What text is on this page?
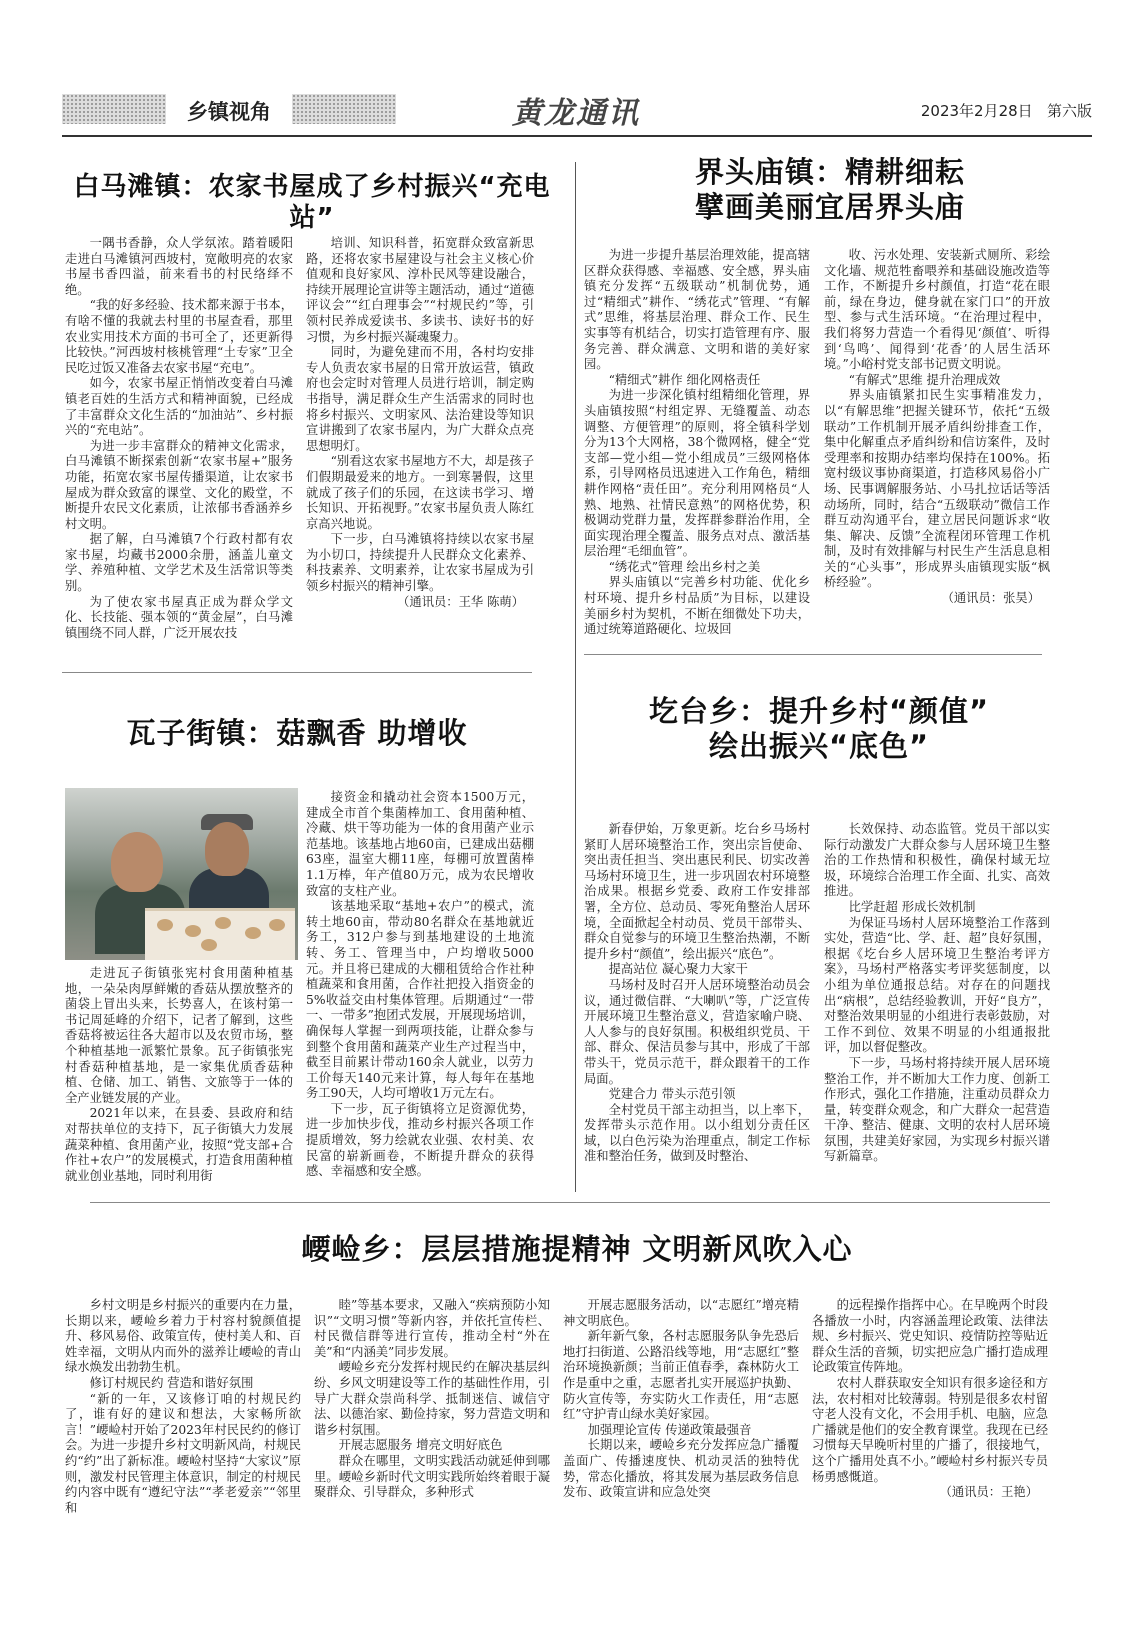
乡镇视角	黄龙通讯	2023年2月28日 第六版
白马滩镇：农家书屋成了乡村振兴“充电站”

一隅书香静，众人学氛浓。踏着暖阳走进白马滩镇河西坡村，宽敞明亮的农家书屋书香四溢，前来看书的村民络绎不绝。

“我的好多经验、技术都来源于书本，有啥不懂的我就去村里的书屋查看，那里农业实用技术方面的书可全了，还更新得比较快。”河西坡村核桃管理“土专家”卫全民吃过饭又准备去农家书屋“充电”。

如今，农家书屋正悄悄改变着白马滩镇老百姓的生活方式和精神面貌，已经成了丰富群众文化生活的“加油站”、乡村振兴的“充电站”。

为进一步丰富群众的精神文化需求，白马滩镇不断探索创新“农家书屋+”服务功能，拓宽农家书屋传播渠道，让农家书屋成为群众致富的课堂、文化的殿堂，不断提升农民文化素质，让浓郁书香涵养乡村文明。

据了解，白马滩镇7个行政村都有农家书屋，均藏书2000余册，涵盖儿童文学、养殖种植、文学艺术及生活常识等类别。

为了使农家书屋真正成为群众学文化、长技能、强本领的“黄金屋”，白马滩镇围绕不同人群，广泛开展农技

培训、知识科普，拓宽群众致富新思路，还将农家书屋建设与社会主义核心价值观和良好家风、淳朴民风等建设融合，持续开展理论宣讲等主题活动，通过“道德评议会”“红白理事会”“村规民约”等，引领村民养成爱读书、多读书、读好书的好习惯，为乡村振兴凝魂聚力。

同时，为避免建而不用，各村均安排专人负责农家书屋的日常开放运营，镇政府也会定时对管理人员进行培训，制定购书指导，满足群众生产生活需求的同时也将乡村振兴、文明家风、法治建设等知识宣讲搬到了农家书屋内，为广大群众点亮思想明灯。

“别看这农家书屋地方不大，却是孩子们假期最爱来的地方。一到寒暑假，这里就成了孩子们的乐园，在这读书学习、增长知识、开拓视野。”农家书屋负责人陈红京高兴地说。

下一步，白马滩镇将持续以农家书屋为小切口，持续提升人民群众文化素养、科技素养、文明素养，让农家书屋成为引领乡村振兴的精神引擎。

（通讯员：王华 陈萌）

界头庙镇：精耕细耘
擘画美丽宜居界头庙

为进一步提升基层治理效能，提高辖区群众获得感、幸福感、安全感，界头庙镇充分发挥“五级联动”机制优势，通过“精细式”耕作、“绣花式”管理、“有解式”思维，将基层治理、群众工作、民生实事等有机结合，切实打造管理有序、服务完善、群众满意、文明和谐的美好家园。

“精细式”耕作 细化网格责任

为进一步深化镇村组精细化管理，界头庙镇按照“村组定界、无缝覆盖、动态调整、方便管理”的原则，将全镇科学划分为13个大网格，38个微网格，健全“党支部—党小组—党小组成员”三级网格体系，引导网格员迅速进入工作角色，精细耕作网格“责任田”。充分利用网格员“人熟、地熟、社情民意熟”的网格优势，积极调动党群力量，发挥群参群治作用，全面实现治理全覆盖、服务点对点、激活基层治理“毛细血管”。

“绣花式”管理 绘出乡村之美

界头庙镇以“完善乡村功能、优化乡村环境、提升乡村品质”为目标，以建设美丽乡村为契机，不断在细微处下功夫，通过统筹道路硬化、垃圾回

收、污水处理、安装新式厕所、彩绘文化墙、规范牲畜喂养和基础设施改造等工作，不断提升乡村颜值，打造“花在眼前，绿在身边，健身就在家门口”的开放型、参与式生活环境。“在治理过程中，我们将努力营造一个看得见‘颜值’、听得到‘鸟鸣’、闻得到‘花香’的人居生活环境。”小峪村党支部书记贾文明说。

“有解式”思维 提升治理成效

界头庙镇紧扣民生实事精准发力，以“有解思维”把握关键环节，依托“五级联动”工作机制开展矛盾纠纷排查工作，集中化解重点矛盾纠纷和信访案件，及时受理率和按期办结率均保持在100%。拓宽村级议事协商渠道，打造移风易俗小广场、民事调解服务站、小马扎拉话话等活动场所，同时，结合“五级联动”微信工作群互动沟通平台，建立居民问题诉求“收集、解决、反馈”全流程闭环管理工作机制，及时有效排解与村民生产生活息息相关的“心头事”，形成界头庙镇现实版“枫桥经验”。

（通讯员：张昊）

瓦子街镇：菇飘香 助增收

走进瓦子街镇张宪村食用菌种植基地，一朵朵肉厚鲜嫩的香菇从摆放整齐的菌袋上冒出头来，长势喜人，在该村第一书记周延峰的介绍下，记者了解到，这些香菇将被运往各大超市以及农贸市场，整个种植基地一派繁忙景象。瓦子街镇张宪村香菇种植基地，是一家集优质香菇种植、仓储、加工、销售、文旅等于一体的全产业链发展的产业。

2021年以来，在县委、县政府和结对帮扶单位的支持下，瓦子街镇大力发展蔬菜种植、食用菌产业，按照“党支部+合作社+农户”的发展模式，打造食用菌种植就业创业基地，同时利用街

接资金和撬动社会资本1500万元，建成全市首个集菌棒加工、食用菌种植、冷藏、烘干等功能为一体的食用菌产业示范基地。该基地占地60亩，已建成出菇棚63座，温室大棚11座，每棚可放置菌棒1.1万棒，年产值80万元，成为农民增收致富的支柱产业。

该基地采取“基地+农户”的模式，流转土地60亩，带动80名群众在基地就近务工，312户参与到基地建设的土地流转、务工、管理当中，户均增收5000元。并且将已建成的大棚租赁给合作社种植蔬菜和食用菌，合作社把投入指资金的5%收益交由村集体管理。后期通过“一带一、一带多”抱团式发展，开展现场培训，确保每人掌握一到两项技能，让群众参与到整个食用菌和蔬菜产业生产过程当中，截至目前累计带动160余人就业，以劳力工价每天140元来计算，每人每年在基地务工90天，人均可增收1万元左右。

下一步，瓦子街镇将立足资源优势，进一步加快步伐，推动乡村振兴各项工作提质增效，努力绘就农业强、农村美、农民富的崭新画卷，不断提升群众的获得感、幸福感和安全感。

圪台乡：提升乡村“颜值”
绘出振兴“底色”

新春伊始，万象更新。圪台乡马场村紧盯人居环境整治工作，突出宗旨使命、突出责任担当、突出惠民利民、切实改善马场村环境卫生，进一步巩固农村环境整治成果。根据乡党委、政府工作安排部署，全方位、总动员、零死角整治人居环境，全面掀起全村动员、党员干部带头、群众自觉参与的环境卫生整治热潮，不断提升乡村“颜值”，绘出振兴“底色”。

提高站位 凝心聚力大家干

马场村及时召开人居环境整治动员会议，通过微信群、“大喇叭”等，广泛宣传开展环境卫生整治意义，营造家喻户晓、人人参与的良好氛围。积极组织党员、干部、群众、保洁员参与其中，形成了干部带头干，党员示范干，群众跟着干的工作局面。

党建合力 带头示范引领

全村党员干部主动担当，以上率下，发挥带头示范作用。以小组划分责任区域，以白色污染为治理重点，制定工作标准和整治任务，做到及时整治、

长效保持、动态监管。党员干部以实际行动激发广大群众参与人居环境卫生整治的工作热情和积极性，确保村域无垃圾，环境综合治理工作全面、扎实、高效推进。

比学赶超 形成长效机制

为保证马场村人居环境整治工作落到实处，营造“比、学、赶、超”良好氛围，根据《圪台乡人居环境卫生整治考评方案》，马场村严格落实考评奖惩制度，以小组为单位通报总结。对存在的问题找出“病根”，总结经验教训，开好“良方”，对整治效果明显的小组进行表彰鼓励，对工作不到位、效果不明显的小组通报批评，加以督促整改。

下一步，马场村将持续开展人居环境整治工作，并不断加大工作力度、创新工作形式，强化工作措施，注重动员群众力量，转变群众观念，和广大群众一起营造干净、整洁、健康、文明的农村人居环境氛围，共建美好家园，为实现乡村振兴谱写新篇章。

崾崄乡：层层措施提精神 文明新风吹入心

乡村文明是乡村振兴的重要内在力量，长期以来，崾崄乡着力于村容村貌颜值提升、移风易俗、政策宣传，使村美人和、百姓幸福，文明从内而外的滋养让崾崄的青山绿水焕发出勃勃生机。

修订村规民约 营造和谐好氛围

“新的一年，又该修订咱的村规民约了，谁有好的建议和想法，大家畅所欲言！”崾崄村开始了2023年村民民约的修订会。为进一步提升乡村文明新风尚，村规民约“约”出了新标准。崾崄村坚持“大家议”原则，激发村民管理主体意识，制定的村规民约内容中既有“遵纪守法”“孝老爱亲”“邻里和

睦”等基本要求，又融入“疾病预防小知识”“文明习惯”等新内容，并依托宣传栏、村民微信群等进行宣传，推动全村“外在美”和“内涵美”同步发展。

崾崄乡充分发挥村规民约在解决基层纠纷、乡风文明建设等工作的基础性作用，引导广大群众崇尚科学、抵制迷信、诚信守法、以德治家、勤俭持家，努力营造文明和谐乡村氛围。

开展志愿服务 增亮文明好底色

群众在哪里，文明实践活动就延伸到哪里。崾崄乡新时代文明实践所始终着眼于凝聚群众、引导群众，多种形式

开展志愿服务活动，以“志愿红”增亮精神文明底色。

新年新气象，各村志愿服务队争先恐后地打扫街道、公路沿线等地，用“志愿红”整治环境换新颜；当前正值春季，森林防火工作是重中之重，志愿者扎实开展巡护执勤、防火宣传等，夯实防火工作责任，用“志愿红”守护青山绿水美好家园。

加强理论宣传 传递政策最强音

长期以来，崾崄乡充分发挥应急广播覆盖面广、传播速度快、机动灵活的独特优势，常态化播放，将其发展为基层政务信息发布、政策宣讲和应急处突

的远程操作指挥中心。在早晚两个时段各播放一小时，内容涵盖理论政策、法律法规、乡村振兴、党史知识、疫情防控等贴近群众生活的音频，切实把应急广播打造成理论政策宣传阵地。

农村人群获取安全知识有很多途径和方法，农村相对比较薄弱。特别是很多农村留守老人没有文化，不会用手机、电脑，应急广播就是他们的安全教育课堂。我现在已经习惯每天早晚听村里的广播了，很接地气，这个广播用处真不小。”崾崄村乡村振兴专员杨勇感慨道。

（通讯员：王艳）
